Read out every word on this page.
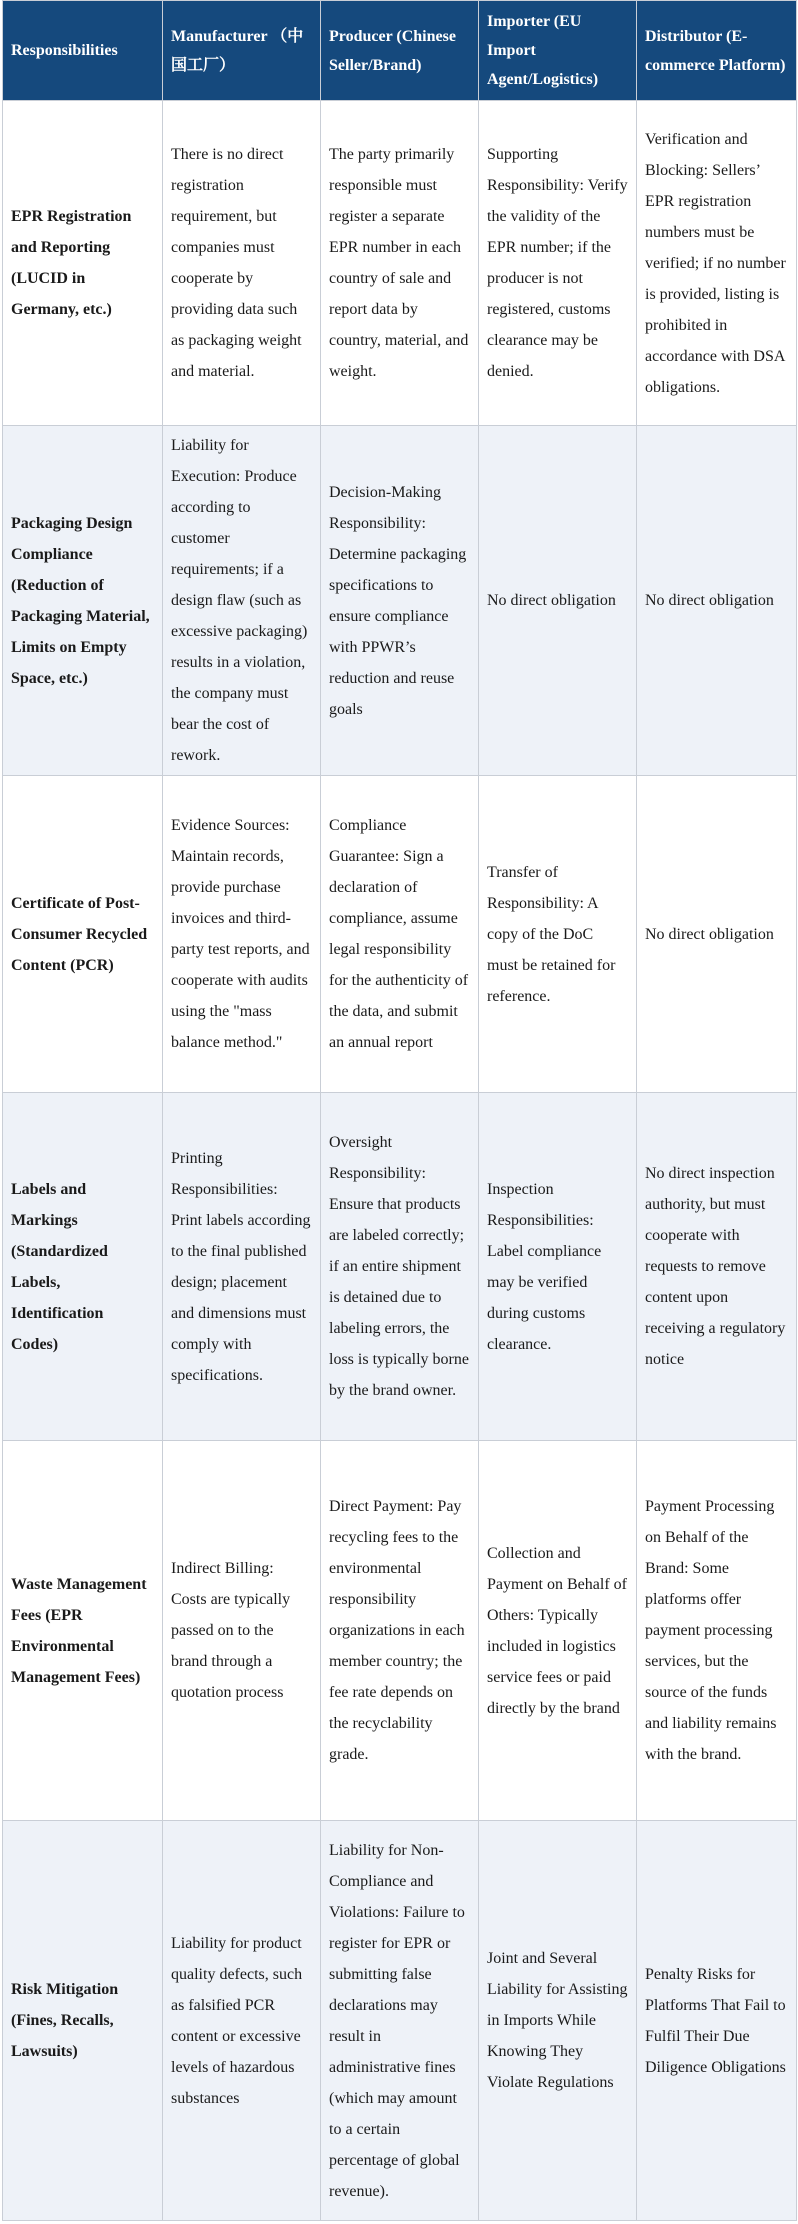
Responsibilities	Manufacturer （中国工厂）	Producer (Chinese Seller/Brand)	Importer (EU Import Agent/Logistics)	Distributor (E-commerce Platform)
EPR Registration and Reporting (LUCID in Germany, etc.)	There is no direct registration requirement, but companies must cooperate by providing data such as packaging weight and material.	The party primarily responsible must register a separate EPR number in each country of sale and report data by country, material, and weight.	Supporting Responsibility: Verify the validity of the EPR number; if the producer is not registered, customs clearance may be denied.	Verification and Blocking: Sellers’ EPR registration numbers must be verified; if no number is provided, listing is prohibited in accordance with DSA obligations.
Packaging Design Compliance (Reduction of Packaging Material, Limits on Empty Space, etc.)	Liability for Execution: Produce according to customer requirements; if a design flaw (such as excessive packaging) results in a violation, the company must bear the cost of rework.	Decision-Making Responsibility: Determine packaging specifications to ensure compliance with PPWR’s reduction and reuse goals	No direct obligation	No direct obligation
Certificate of Post-Consumer Recycled Content (PCR)	Evidence Sources: Maintain records, provide purchase invoices and third-party test reports, and cooperate with audits using the "mass balance method."	Compliance Guarantee: Sign a declaration of compliance, assume legal responsibility for the authenticity of the data, and submit an annual report	Transfer of Responsibility: A copy of the DoC must be retained for reference.	No direct obligation
Labels and Markings (Standardized Labels, Identification Codes)	Printing Responsibilities: Print labels according to the final published design; placement and dimensions must comply with specifications.	Oversight Responsibility: Ensure that products are labeled correctly; if an entire shipment is detained due to labeling errors, the loss is typically borne by the brand owner.	Inspection Responsibilities: Label compliance may be verified during customs clearance.	No direct inspection authority, but must cooperate with requests to remove content upon receiving a regulatory notice
Waste Management Fees (EPR Environmental Management Fees)	Indirect Billing: Costs are typically passed on to the brand through a quotation process	Direct Payment: Pay recycling fees to the environmental responsibility organizations in each member country; the fee rate depends on the recyclability grade.	Collection and Payment on Behalf of Others: Typically included in logistics service fees or paid directly by the brand	Payment Processing on Behalf of the Brand: Some platforms offer payment processing services, but the source of the funds and liability remains with the brand.
Risk Mitigation (Fines, Recalls, Lawsuits)	Liability for product quality defects, such as falsified PCR content or excessive levels of hazardous substances	Liability for Non-Compliance and Violations: Failure to register for EPR or submitting false declarations may result in administrative fines (which may amount to a certain percentage of global revenue).	Joint and Several Liability for Assisting in Imports While Knowing They Violate Regulations	Penalty Risks for Platforms That Fail to Fulfil Their Due Diligence Obligations
